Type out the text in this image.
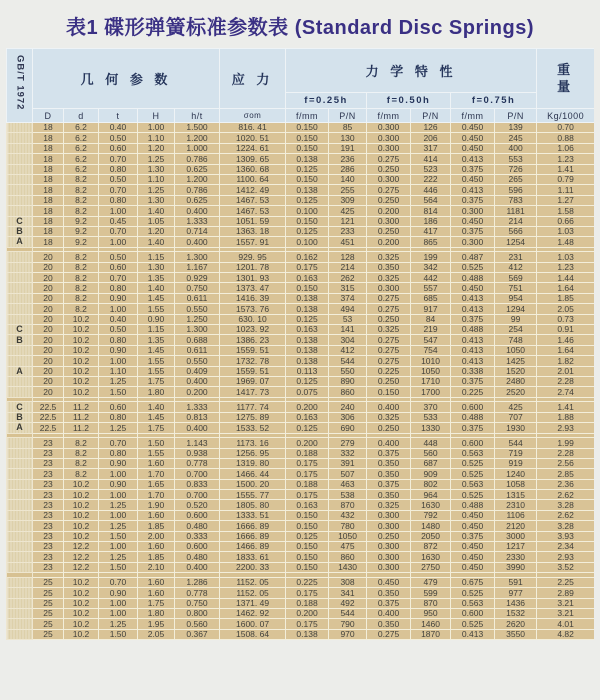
表1 碟形弹簧标准参数表 (Standard Disc Springs)
GB/T 1972	几 何 参 数					应 力	力 学 特 性						重
量

							f=0.25h		f=0.50h		f=0.75h		
	D	d	t	H	h/t	σom	f/mm	P/N	f/mm	P/N	f/mm	P/N	Kg/1000
	18	6.2	0.40	1.00	1.500	816. 41	0.150	85	0.300	126	0.450	139	0.70
	18	6.2	0.50	1.10	1.200	1020. 51	0.150	130	0.300	206	0.450	245	0.88
	18	6.2	0.60	1.20	1.000	1224. 61	0.150	191	0.300	317	0.450	400	1.06
	18	6.2	0.70	1.25	0.786	1309. 65	0.138	236	0.275	414	0.413	553	1.23
	18	6.2	0.80	1.30	0.625	1360. 68	0.125	286	0.250	523	0.375	726	1.41
	18	8.2	0.50	1.10	1.200	1100. 64	0.150	140	0.300	222	0.450	265	0.79
	18	8.2	0.70	1.25	0.786	1412. 49	0.138	255	0.275	446	0.413	596	1.11
	18	8.2	0.80	1.30	0.625	1467. 53	0.125	309	0.250	564	0.375	783	1.27
	18	8.2	1.00	1.40	0.400	1467. 53	0.100	425	0.200	814	0.300	1181	1.58
C	18	9.2	0.45	1.05	1.333	1051. 59	0.150	121	0.300	186	0.450	214	0.66
B	18	9.2	0.70	1.20	0.714	1363. 18	0.125	233	0.250	417	0.375	566	1.03
A	18	9.2	1.00	1.40	0.400	1557. 91	0.100	451	0.200	865	0.300	1254	1.48

	20	8.2	0.50	1.15	1.300	929. 95	0.162	128	0.325	199	0.487	231	1.03
	20	8.2	0.60	1.30	1.167	1201. 78	0.175	214	0.350	342	0.525	412	1.23
	20	8.2	0.70	1.35	0.929	1301. 93	0.163	262	0.325	442	0.488	569	1.44
	20	8.2	0.80	1.40	0.750	1373. 47	0.150	315	0.300	557	0.450	751	1.64
	20	8.2	0.90	1.45	0.611	1416. 39	0.138	374	0.275	685	0.413	954	1.85
	20	8.2	1.00	1.55	0.550	1573. 76	0.138	494	0.275	917	0.413	1294	2.05
	20	10.2	0.40	0.90	1.250	630. 10	0.125	53	0.250	84	0.375	99	0.73
C	20	10.2	0.50	1.15	1.300	1023. 92	0.163	141	0.325	219	0.488	254	0.91
B	20	10.2	0.80	1.35	0.688	1386. 23	0.138	304	0.275	547	0.413	748	1.46
	20	10.2	0.90	1.45	0.611	1559. 51	0.138	412	0.275	754	0.413	1050	1.64
	20	10.2	1.00	1.55	0.550	1732. 78	0.138	544	0.275	1010	0.413	1425	1.82
A	20	10.2	1.10	1.55	0.409	1559. 51	0.113	550	0.225	1050	0.338	1520	2.01
	20	10.2	1.25	1.75	0.400	1969. 07	0.125	890	0.250	1710	0.375	2480	2.28
	20	10.2	1.50	1.80	0.200	1417. 73	0.075	860	0.150	1700	0.225	2520	2.74

C	22.5	11.2	0.60	1.40	1.333	1177. 74	0.200	240	0.400	370	0.600	425	1.41
B	22.5	11.2	0.80	1.45	0.813	1275. 89	0.163	306	0.325	533	0.488	707	1.88
A	22.5	11.2	1.25	1.75	0.400	1533. 52	0.125	690	0.250	1330	0.375	1930	2.93

	23	8.2	0.70	1.50	1.143	1173. 16	0.200	279	0.400	448	0.600	544	1.99
	23	8.2	0.80	1.55	0.938	1256. 95	0.188	332	0.375	560	0.563	719	2.28
	23	8.2	0.90	1.60	0.778	1319. 80	0.175	391	0.350	687	0.525	919	2.56
	23	8.2	1.00	1.70	0.700	1466. 44	0.175	507	0.350	909	0.525	1240	2.85
	23	10.2	0.90	1.65	0.833	1500. 20	0.188	463	0.375	802	0.563	1058	2.36
	23	10.2	1.00	1.70	0.700	1555. 77	0.175	538	0.350	964	0.525	1315	2.62
	23	10.2	1.25	1.90	0.520	1805. 80	0.163	870	0.325	1630	0.488	2310	3.28
	23	10.2	1.00	1.60	0.600	1333. 51	0.150	432	0.300	792	0.450	1106	2.62
	23	10.2	1.25	1.85	0.480	1666. 89	0.150	780	0.300	1480	0.450	2120	3.28
	23	10.2	1.50	2.00	0.333	1666. 89	0.125	1050	0.250	2050	0.375	3000	3.93
	23	12.2	1.00	1.60	0.600	1466. 89	0.150	475	0.300	872	0.450	1217	2.34
	23	12.2	1.25	1.85	0.480	1833. 61	0.150	860	0.300	1630	0.450	2330	2.93
	23	12.2	1.50	2.10	0.400	2200. 33	0.150	1430	0.300	2750	0.450	3990	3.52

	25	10.2	0.70	1.60	1.286	1152. 05	0.225	308	0.450	479	0.675	591	2.25
	25	10.2	0.90	1.60	0.778	1152. 05	0.175	341	0.350	599	0.525	977	2.89
	25	10.2	1.00	1.75	0.750	1371. 49	0.188	492	0.375	870	0.563	1436	3.21
	25	10.2	1.00	1.80	0.800	1462. 92	0.200	544	0.400	950	0.600	1532	3.21
	25	10.2	1.25	1.95	0.560	1600. 07	0.175	790	0.350	1460	0.525	2620	4.01
	25	10.2	1.50	2.05	0.367	1508. 64	0.138	970	0.275	1870	0.413	3550	4.82
